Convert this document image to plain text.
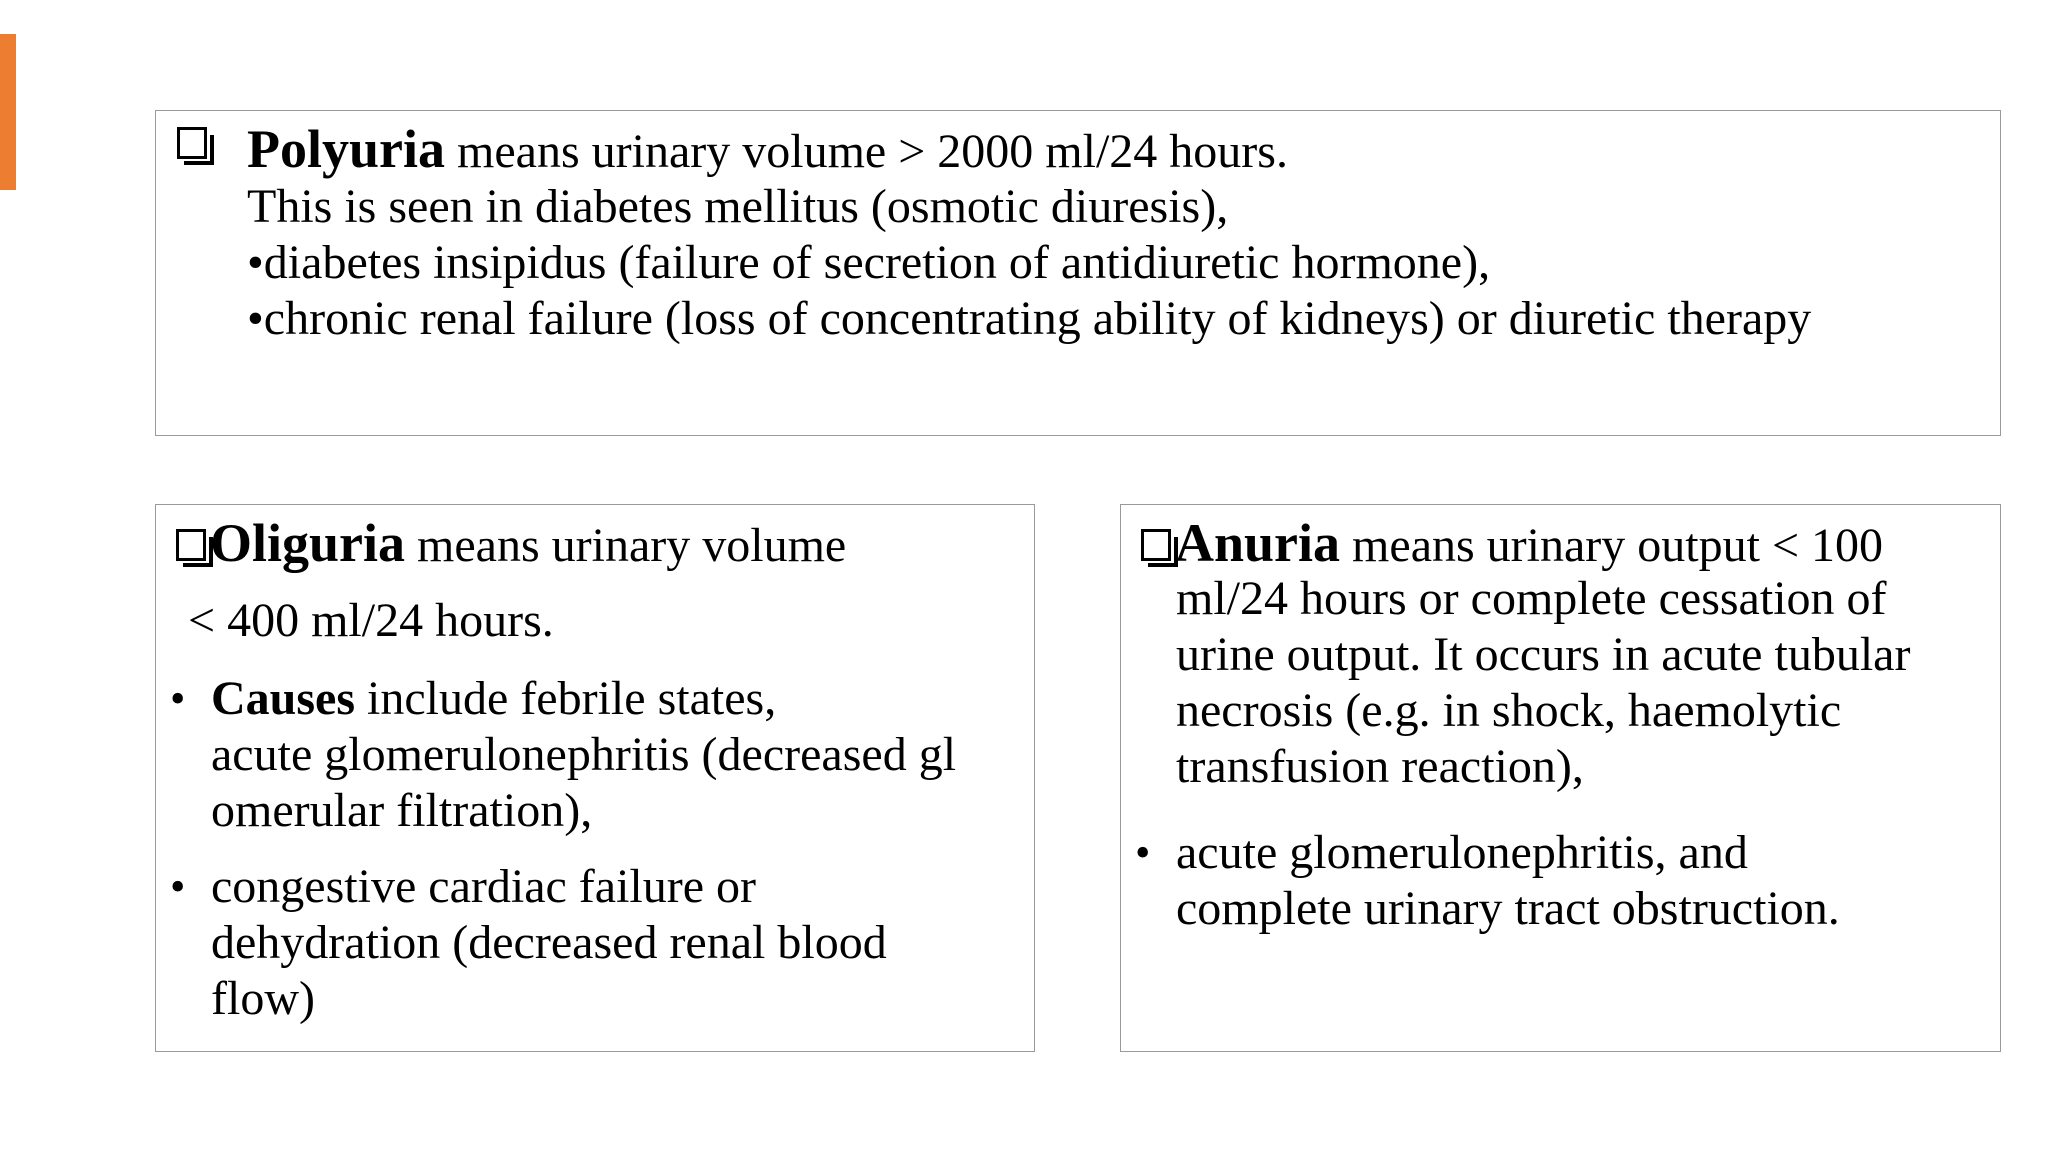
Polyuria means urinary volume > 2000 ml/24 hours.
This is seen in diabetes mellitus (osmotic diuresis),
•diabetes insipidus (failure of secretion of antidiuretic hormone),
•chronic renal failure (loss of concentrating ability of kidneys) or diuretic therapy
Oliguria means urinary volume
< 400 ml/24 hours.
• Causes include febrile states,
acute glomerulonephritis (decreased gl
omerular filtration),
• congestive cardiac failure or
dehydration (decreased renal blood
flow)
Anuria means urinary output < 100
ml/24 hours or complete cessation of
urine output. It occurs in acute tubular
necrosis (e.g. in shock, haemolytic
transfusion reaction),
• acute glomerulonephritis, and
complete urinary tract obstruction.
